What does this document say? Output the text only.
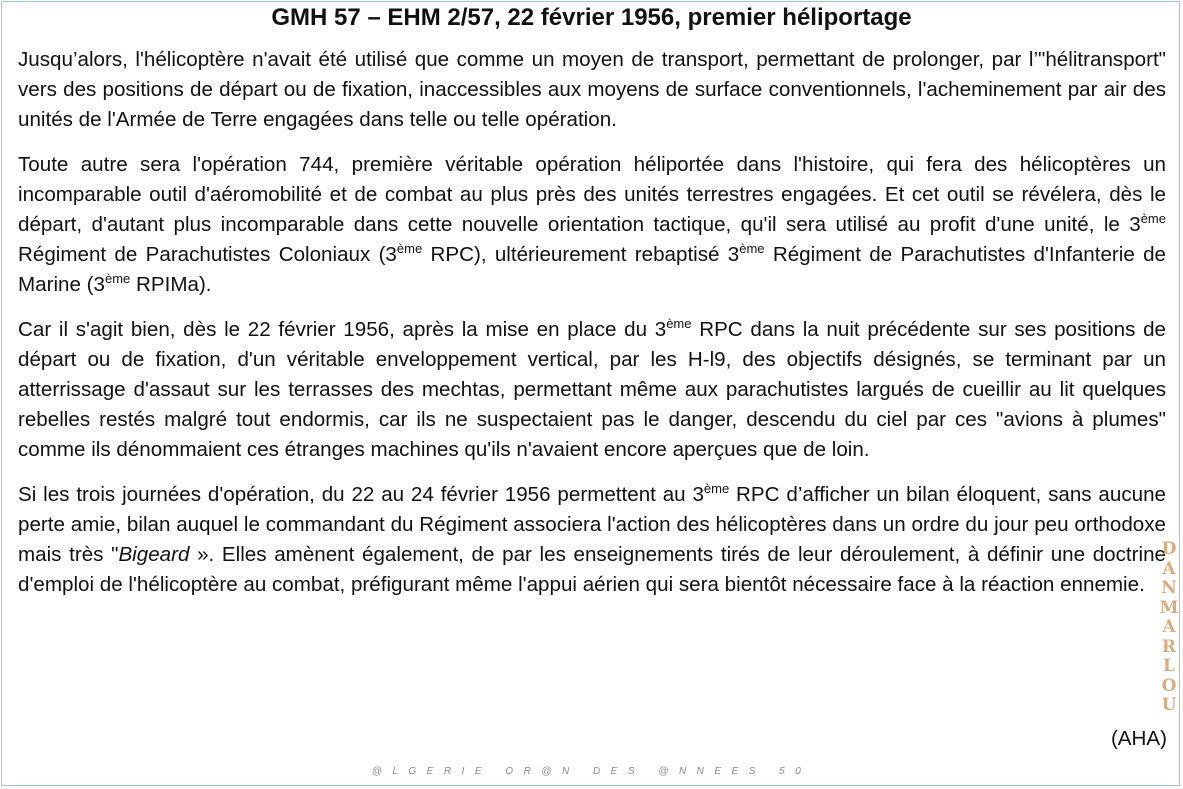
GMH 57 – EHM 2/57, 22 février 1956, premier héliportage

Jusqu’alors, l'hélicoptère n'avait été utilisé que comme un moyen de transport, permettant de prolonger, par l’"hélitransport" vers des positions de départ ou de fixation, inaccessibles aux moyens de surface conventionnels, l'acheminement par air des unités de l'Armée de Terre engagées dans telle ou telle opération.

Toute autre sera l'opération 744, première véritable opération héliportée dans l'histoire, qui fera des hélicoptères un incomparable outil d'aéromobilité et de combat au plus près des unités terrestres engagées. Et cet outil se révélera, dès le départ, d'autant plus incomparable dans cette nouvelle orientation tactique, qu'il sera utilisé au profit d'une unité, le 3ème Régiment de Parachutistes Coloniaux (3ème RPC), ultérieurement rebaptisé 3ème Régiment de Parachutistes d'Infanterie de Marine (3ème RPIMa).

Car il s'agit bien, dès le 22 février 1956, après la mise en place du 3ème RPC dans la nuit précédente sur ses positions de départ ou de fixation, d'un véritable enveloppement vertical, par les H-l9, des objectifs désignés, se terminant par un atterrissage d'assaut sur les terrasses des mechtas, permettant même aux parachutistes largués de cueillir au lit quelques rebelles restés malgré tout endormis, car ils ne suspectaient pas le danger, descendu du ciel par ces "avions à plumes" comme ils dénommaient ces étranges machines qu'ils n'avaient encore aperçues que de loin.

Si les trois journées d'opération, du 22 au 24 février 1956 permettent au 3ème RPC d’afficher un bilan éloquent, sans aucune perte amie, bilan auquel le commandant du Régiment associera l'action des hélicoptères dans un ordre du jour peu orthodoxe mais très "Bigeard ». Elles amènent également, de par les enseignements tirés de leur déroulement, à définir une doctrine d'emploi de l'hélicoptère au combat, préfigurant même l'appui aérien qui sera bientôt nécessaire face à la réaction ennemie.

(AHA)
DANMARLOU
@LGERIE OR@N DES @NNEES 50
